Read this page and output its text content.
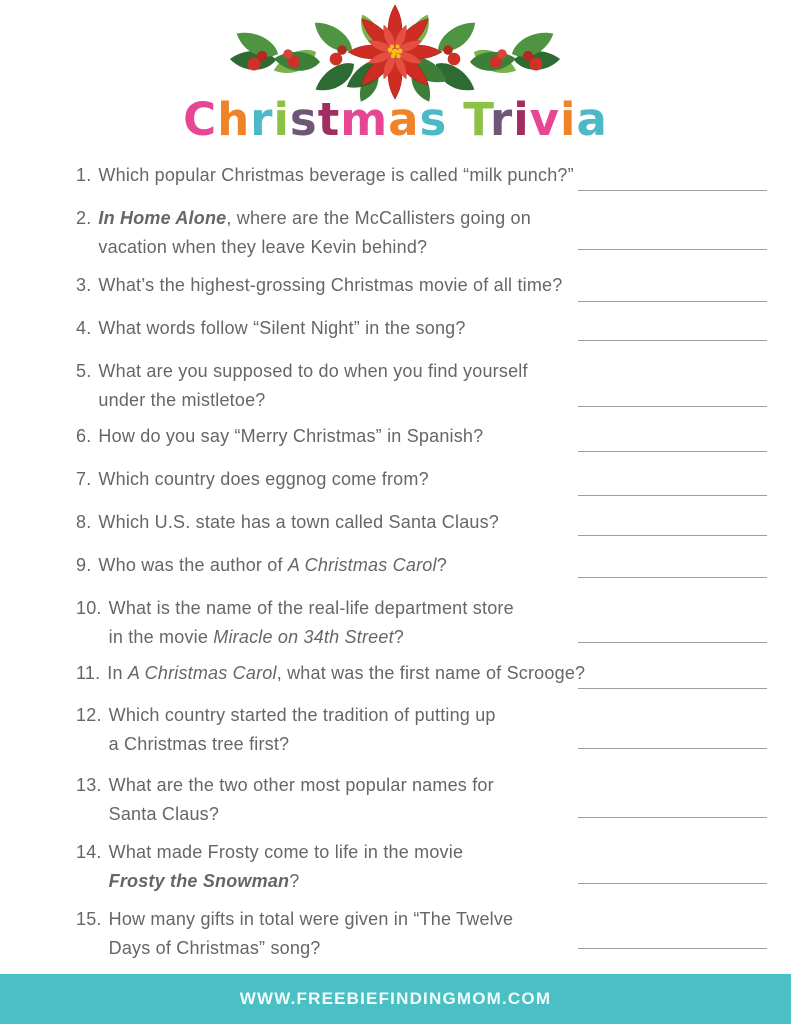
Christmas Trivia
1. Which popular Christmas beverage is called “milk punch?”
2. In Home Alone, where are the McCallisters going on
vacation when they leave Kevin behind?
3. What’s the highest-grossing Christmas movie of all time?
4. What words follow “Silent Night” in the song?
5. What are you supposed to do when you find yourself
under the mistletoe?
6. How do you say “Merry Christmas” in Spanish?
7. Which country does eggnog come from?
8. Which U.S. state has a town called Santa Claus?
9. Who was the author of A Christmas Carol?
10. What is the name of the real-life department store
in the movie Miracle on 34th Street?
11. In A Christmas Carol, what was the first name of Scrooge?
12. Which country started the tradition of putting up
a Christmas tree first?
13. What are the two other most popular names for
Santa Claus?
14. What made Frosty come to life in the movie
Frosty the Snowman?
15. How many gifts in total were given in “The Twelve
Days of Christmas” song?
WWW.FREEBIEFINDINGMOM.COM
